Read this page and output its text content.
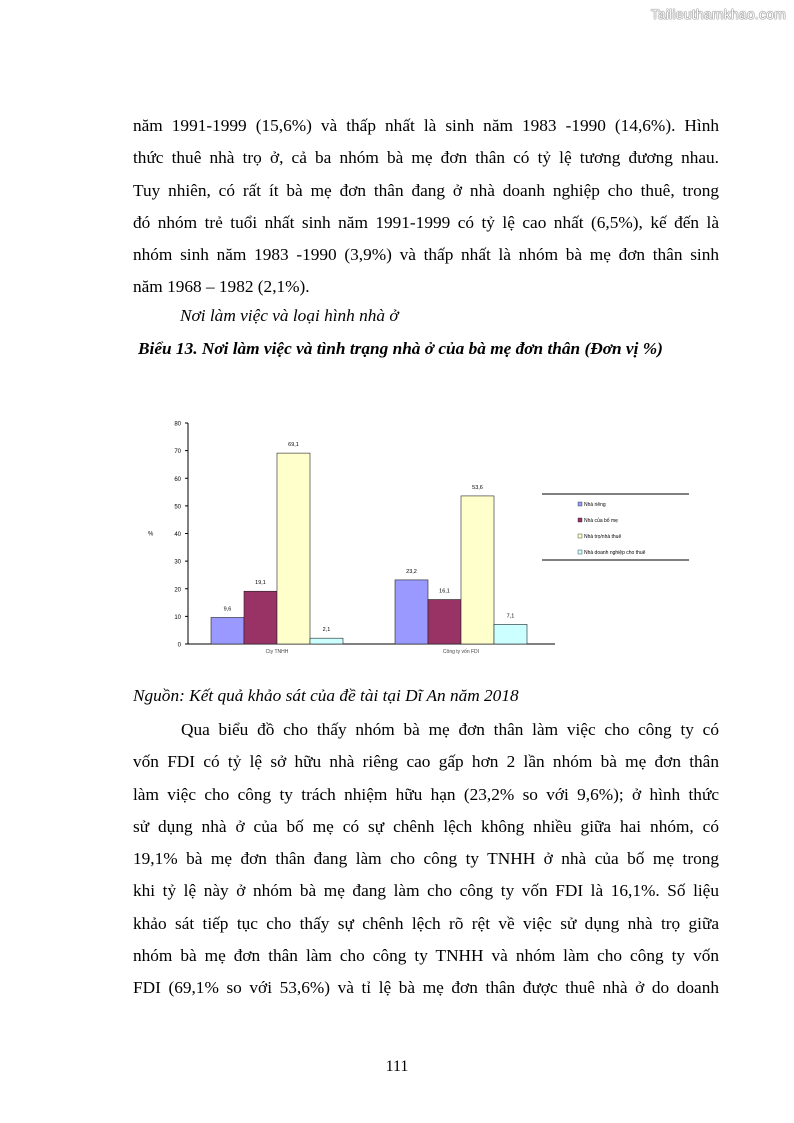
Tailieuthamkhao.com
năm 1991-1999 (15,6%) và thấp nhất là sinh năm 1983 -1990 (14,6%). Hình
thức thuê nhà trọ ở, cả ba nhóm bà mẹ đơn thân có tỷ lệ tương đương nhau.
Tuy nhiên, có rất ít bà mẹ đơn thân đang ở nhà doanh nghiệp cho thuê, trong
đó nhóm trẻ tuổi nhất sinh năm 1991-1999 có tỷ lệ cao nhất (6,5%), kế đến là
nhóm sinh năm 1983 -1990 (3,9%) và thấp nhất là nhóm bà mẹ đơn thân sinh
năm 1968 – 1982 (2,1%).
Nơi làm việc và loại hình nhà ở
Biểu 13. Nơi làm việc và tình trạng nhà ở của bà mẹ đơn thân (Đơn vị %)
0
10
20
30
40
50
60
70
80
%
9,6
19,1
69,1
2,1
Cty TNHH
23,2
16,1
53,6
7,1
Công ty vốn FDI
Nhà riêng
Nhà của bố mẹ
Nhà trọ/nhà thuê
Nhà doanh nghiệp cho thuê
Nguồn: Kết quả khảo sát của đề tài tại Dĩ An năm 2018
Qua biểu đồ cho thấy nhóm bà mẹ đơn thân làm việc cho công ty có
vốn FDI có tỷ lệ sở hữu nhà riêng cao gấp hơn 2 lần nhóm bà mẹ đơn thân
làm việc cho công ty trách nhiệm hữu hạn (23,2% so với 9,6%); ở hình thức
sử dụng nhà ở của bố mẹ có sự chênh lệch không nhiều giữa hai nhóm, có
19,1% bà mẹ đơn thân đang làm cho công ty TNHH ở nhà của bố mẹ trong
khi tỷ lệ này ở nhóm bà mẹ đang làm cho công ty vốn FDI là 16,1%. Số liệu
khảo sát tiếp tục cho thấy sự chênh lệch rõ rệt về việc sử dụng nhà trọ giữa
nhóm bà mẹ đơn thân làm cho công ty TNHH và nhóm làm cho công ty vốn
FDI (69,1% so với 53,6%) và tỉ lệ bà mẹ đơn thân được thuê nhà ở do doanh
111
